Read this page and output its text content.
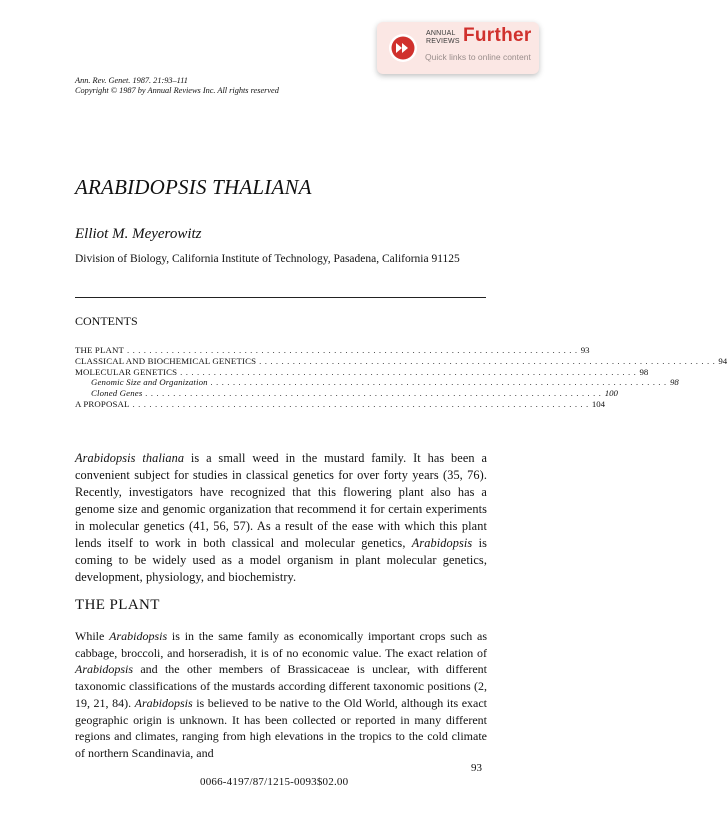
ANNUAL
REVIEWS Further
Quick links to online content
Ann. Rev. Genet. 1987. 21:93–111
Copyright © 1987 by Annual Reviews Inc. All rights reserved
ARABIDOPSIS THALIANA
Elliot M. Meyerowitz
Division of Biology, California Institute of Technology, Pasadena, California 91125
CONTENTS
THE PLANT . . . . . . . . . . . . . . . . . . . . . . . . . . . . . . . . . . . . . . . . . . . . . . . . . . . . . . . . . . . . . . . . . . . . . . . . . . . . . . . . . 93
CLASSICAL AND BIOCHEMICAL GENETICS . . . . . . . . . . . . . . . . . . . . . . . . . . . . . . . . . . . . . . . . . . . . . . . . . . . . . . . . . . . . . . . . . . . . . . . . . . . . . . . . . . 94
MOLECULAR GENETICS . . . . . . . . . . . . . . . . . . . . . . . . . . . . . . . . . . . . . . . . . . . . . . . . . . . . . . . . . . . . . . . . . . . . . . . . . . . . . . . . . . 98
Genomic Size and Organization . . . . . . . . . . . . . . . . . . . . . . . . . . . . . . . . . . . . . . . . . . . . . . . . . . . . . . . . . . . . . . . . . . . . . . . . . . . . . . . . . . 98
Cloned Genes . . . . . . . . . . . . . . . . . . . . . . . . . . . . . . . . . . . . . . . . . . . . . . . . . . . . . . . . . . . . . . . . . . . . . . . . . . . . . . . . . . 100
A PROPOSAL . . . . . . . . . . . . . . . . . . . . . . . . . . . . . . . . . . . . . . . . . . . . . . . . . . . . . . . . . . . . . . . . . . . . . . . . . . . . . . . . . . 104
Arabidopsis thaliana is a small weed in the mustard family. It has been a convenient subject for studies in classical genetics for over forty years (35, 76). Recently, investigators have recognized that this flowering plant also has a genome size and genomic organization that recommend it for certain experiments in molecular genetics (41, 56, 57). As a result of the ease with which this plant lends itself to work in both classical and molecular genetics, Arabidopsis is coming to be widely used as a model organism in plant molecular genetics, development, physiology, and biochemistry.
THE PLANT
While Arabidopsis is in the same family as economically important crops such as cabbage, broccoli, and horseradish, it is of no economic value. The exact relation of Arabidopsis and the other members of Brassicaceae is unclear, with different taxonomic classifications of the mustards according different taxonomic positions (2, 19, 21, 84). Arabidopsis is believed to be native to the Old World, although its exact geographic origin is unknown. It has been collected or reported in many different regions and climates, ranging from high elevations in the tropics to the cold climate of northern Scandinavia, and
93
0066-4197/87/1215-0093$02.00
